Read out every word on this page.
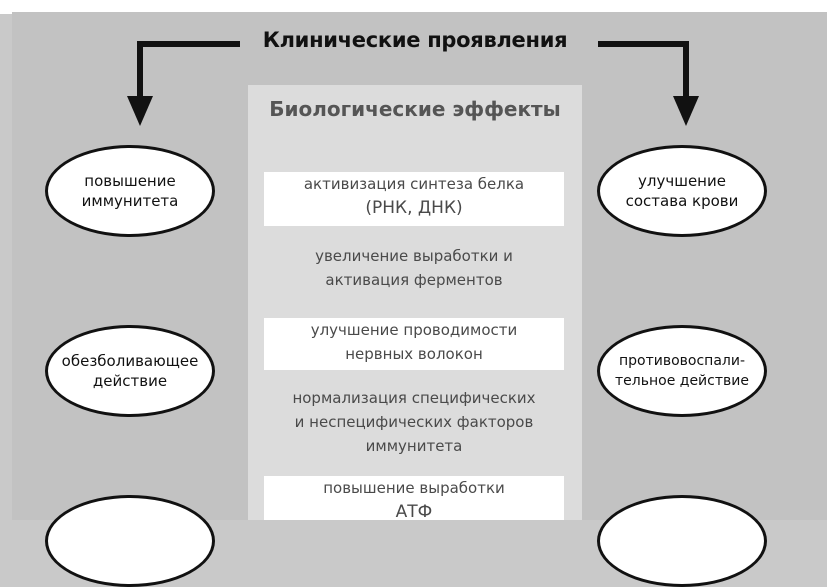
Клинические проявления
Биологические эффекты
активизация синтеза белка
(РНК, ДНК)
увеличение выработки и
активация ферментов
улучшение проводимости
нервных волокон
нормализация специфических
и неспецифических факторов
иммунитета
повышение выработки
АТФ
повышение
иммунитета
обезболивающее
действие
улучшение
состава крови
противовоспали-
тельное действие
